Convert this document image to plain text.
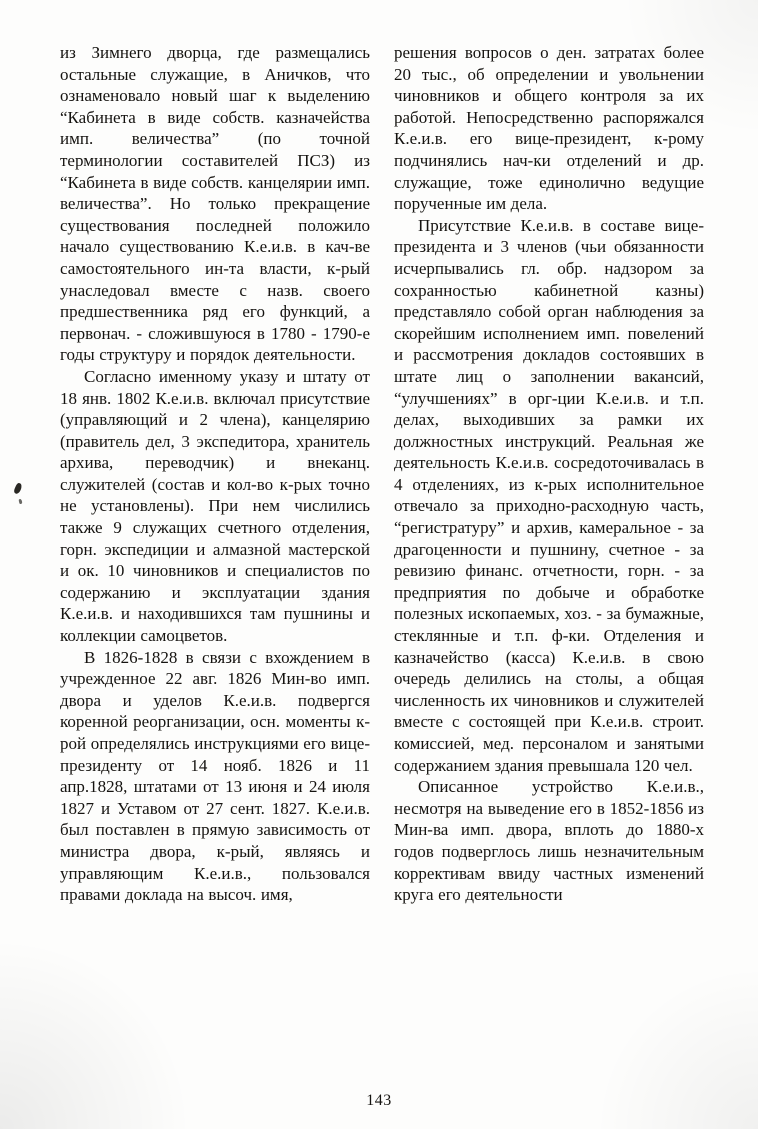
из Зимнего дворца, где размещались остальные служащие, в Аничков, что ознаменовало новый шаг к выделению “Кабинета в виде собств. казначейства имп. величества” (по точной терминологии составителей ПСЗ) из “Кабинета в виде собств. канцелярии имп. величества”. Но только прекращение существования последней положило начало существованию К.е.и.в. в кач-ве самостоятельного ин-та власти, к-рый унаследовал вместе с назв. своего предшественника ряд его функций, а первонач. - сложившуюся в 1780 - 1790-е годы структуру и порядок деятельности.

Согласно именному указу и штату от 18 янв. 1802 К.е.и.в. включал присутствие (управляющий и 2 члена), канцелярию (правитель дел, 3 экспедитора, хранитель архива, переводчик) и внеканц. служителей (состав и кол-во к-рых точно не установлены). При нем числились также 9 служащих счетного отделения, горн. экспедиции и алмазной мастерской и ок. 10 чиновников и специалистов по содержанию и эксплуатации здания К.е.и.в. и находившихся там пушнины и коллекции самоцветов.

В 1826-1828 в связи с вхождением в учрежденное 22 авг. 1826 Мин-во имп. двора и уделов К.е.и.в. подвергся коренной реорганизации, осн. моменты к-рой определялись инструкциями его вице-президенту от 14 нояб. 1826 и 11 апр.1828, штатами от 13 июня и 24 июля 1827 и Уставом от 27 сент. 1827. К.е.и.в. был поставлен в прямую зависимость от министра двора, к-рый, являясь и управляющим К.е.и.в., пользовался правами доклада на высоч. имя,

решения вопросов о ден. затратах более 20 тыс., об определении и увольнении чиновников и общего контроля за их работой. Непосредственно распоряжался К.е.и.в. его вице-президент, к-рому подчинялись нач-ки отделений и др. служащие, тоже единолично ведущие порученные им дела.

Присутствие К.е.и.в. в составе вице-президента и 3 членов (чьи обязанности исчерпывались гл. обр. надзором за сохранностью кабинетной казны) представляло собой орган наблюдения за скорейшим исполнением имп. повелений и рассмотрения докладов состоявших в штате лиц о заполнении вакансий, “улучшениях” в орг-ции К.е.и.в. и т.п. делах, выходивших за рамки их должностных инструкций. Реальная же деятельность К.е.и.в. сосредоточивалась в 4 отделениях, из к-рых исполнительное отвечало за приходно-расходную часть, “регистратуру” и архив, камеральное - за драгоценности и пушнину, счетное - за ревизию финанс. отчетности, горн. - за предприятия по добыче и обработке полезных ископаемых, хоз. - за бумажные, стеклянные и т.п. ф-ки. Отделения и казначейство (касса) К.е.и.в. в свою очередь делились на столы, а общая численность их чиновников и служителей вместе с состоящей при К.е.и.в. строит. комиссией, мед. персоналом и занятыми содержанием здания превышала 120 чел.

Описанное устройство К.е.и.в., несмотря на выведение его в 1852-1856 из Мин-ва имп. двора, вплоть до 1880-х годов подверглось лишь незначительным коррективам ввиду частных изменений круга его деятельности

143
